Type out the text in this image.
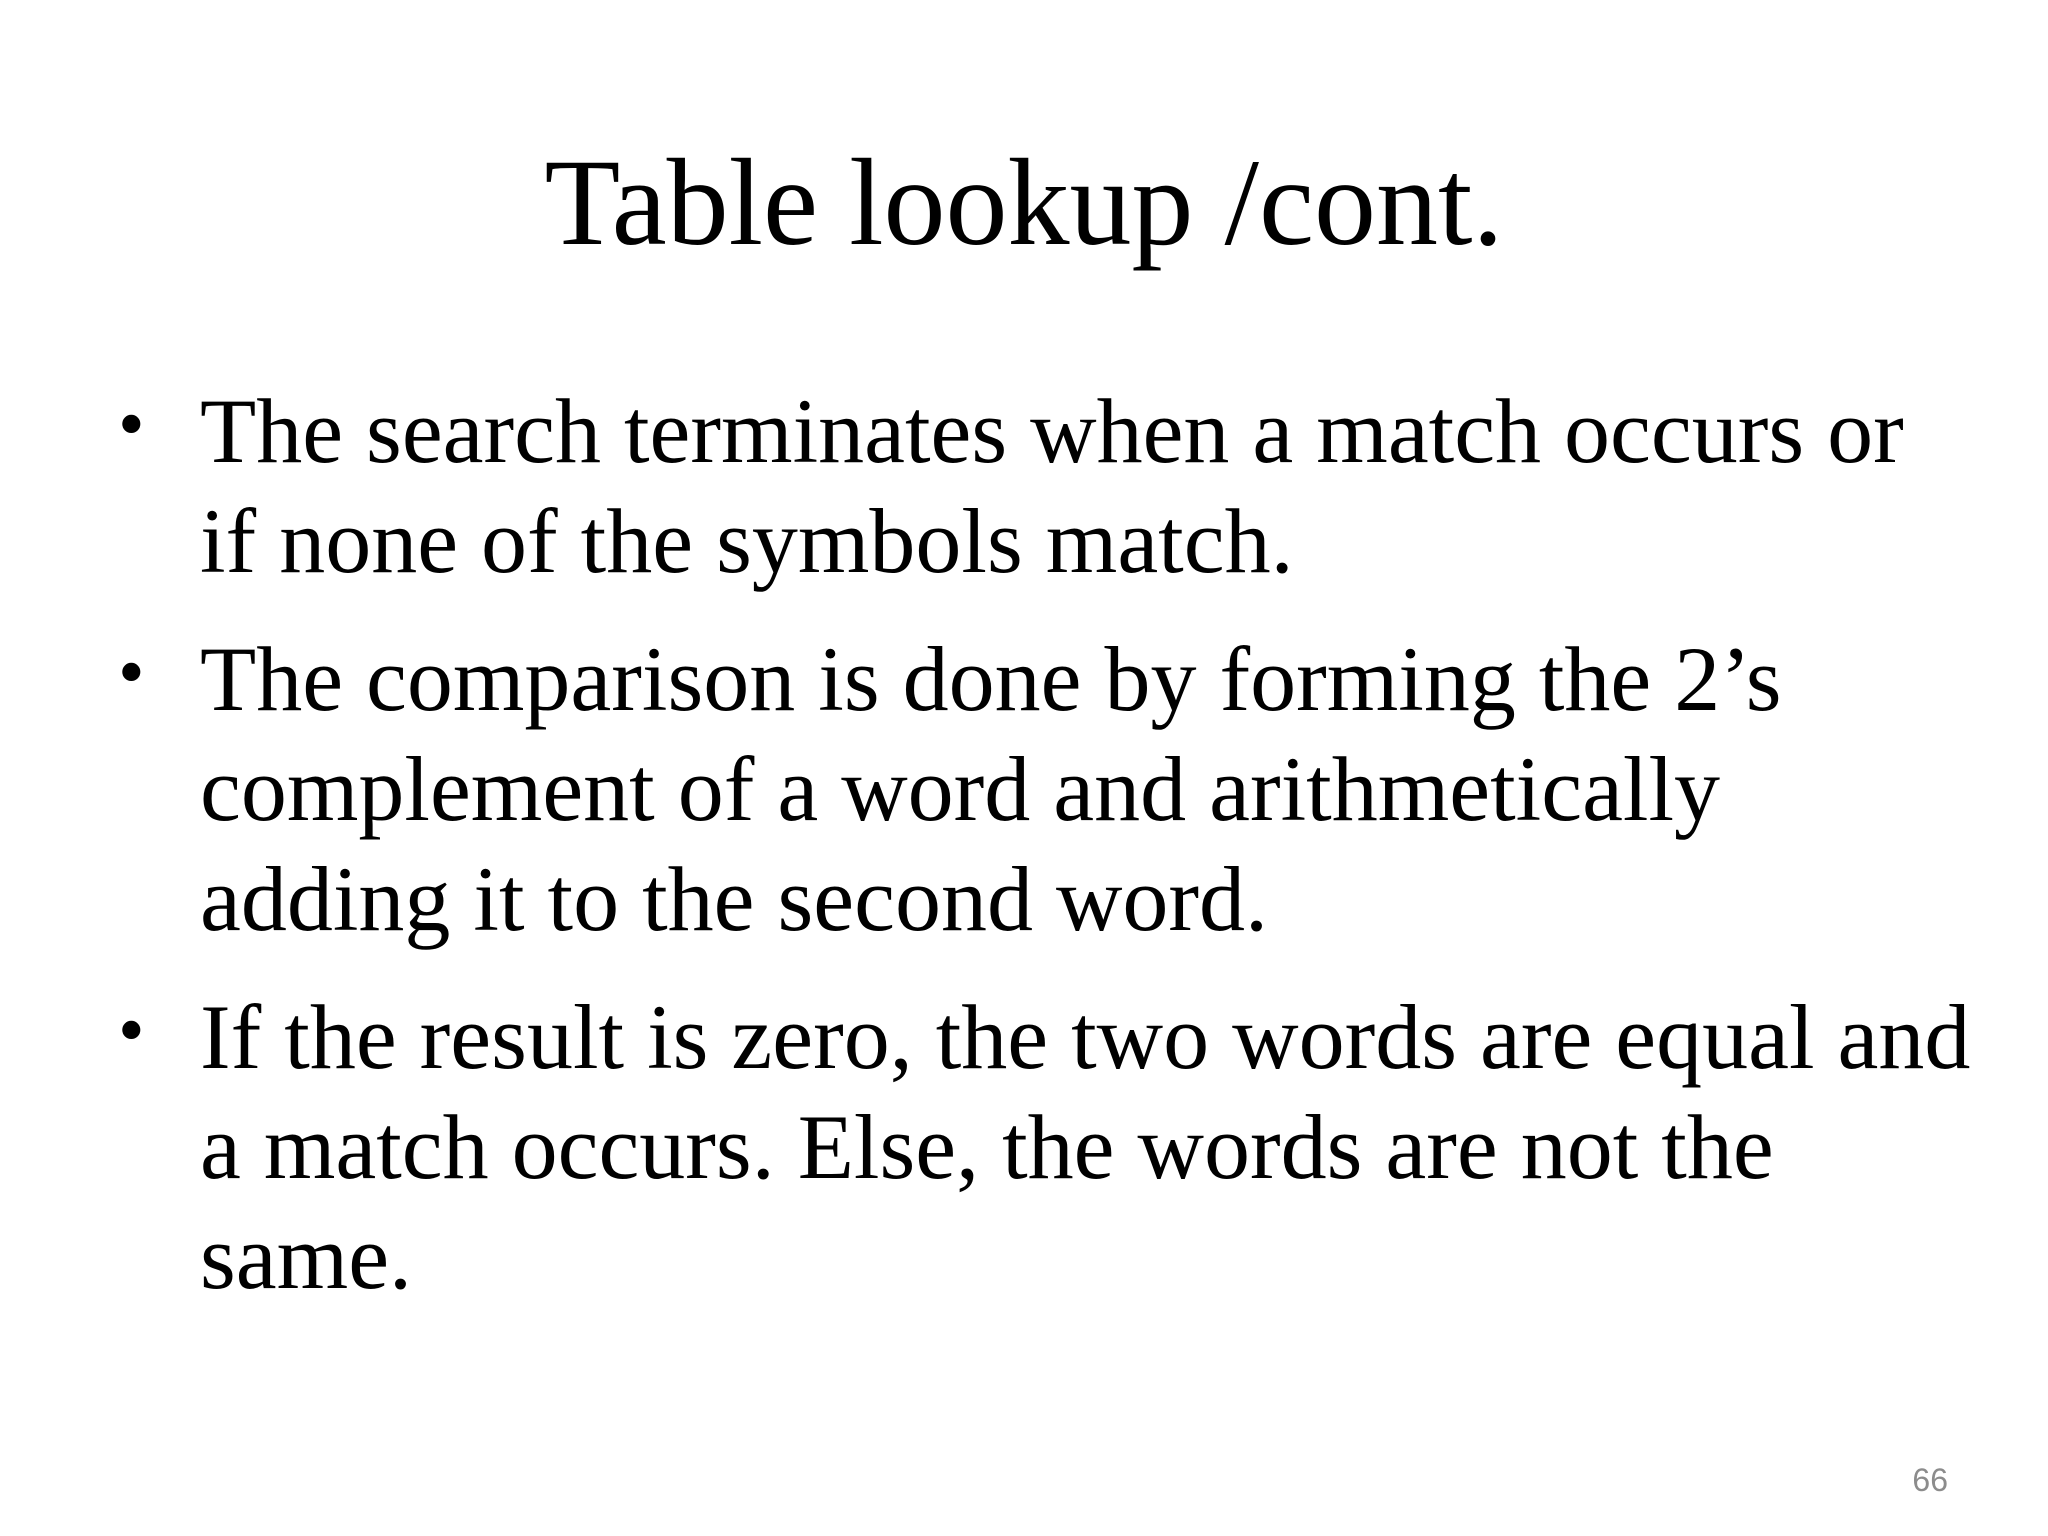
Table lookup /cont.
• The search terminates when a match occurs or if none of the symbols match.
• The comparison is done by forming the 2’s complement of a word and arithmetically adding it to the second word.
• If the result is zero, the two words are equal and a match occurs. Else, the words are not the same.
66
